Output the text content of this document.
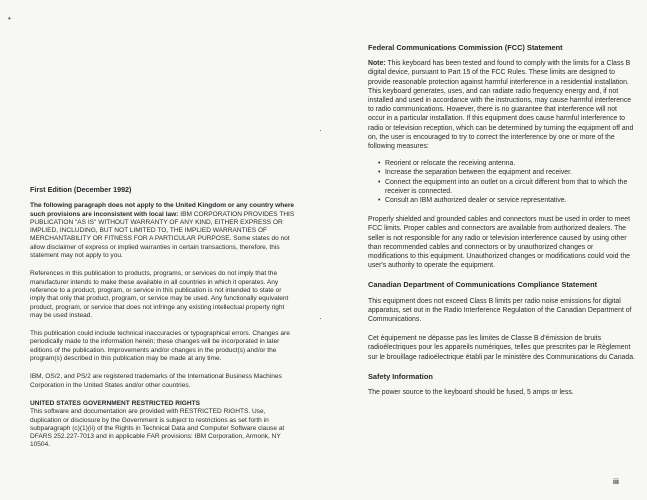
•
First Edition (December 1992)

The following paragraph does not apply to the United Kingdom or any country where such provisions are inconsistent with local law: IBM CORPORATION PROVIDES THIS PUBLICATION "AS IS" WITHOUT WARRANTY OF ANY KIND, EITHER EXPRESS OR IMPLIED, INCLUDING, BUT NOT LIMITED TO, THE IMPLIED WARRANTIES OF MERCHANTABILITY OR FITNESS FOR A PARTICULAR PURPOSE. Some states do not allow disclaimer of express or implied warranties in certain transactions, therefore, this statement may not apply to you.

References in this publication to products, programs, or services do not imply that the manufacturer intends to make these available in all countries in which it operates. Any reference to a product, program, or service in this publication is not intended to state or imply that only that product, program, or service may be used. Any functionally equivalent product, program, or service that does not infringe any existing intellectual property right may be used instead.

This publication could include technical inaccuracies or typographical errors. Changes are periodically made to the information herein; these changes will be incorporated in later editions of the publication. Improvements and/or changes in the product(s) and/or the program(s) described in this publication may be made at any time.

IBM, OS/2, and PS/2 are registered trademarks of the International Business Machines Corporation in the United States and/or other countries.

UNITED STATES GOVERNMENT RESTRICTED RIGHTS

This software and documentation are provided with RESTRICTED RIGHTS. Use, duplication or disclosure by the Government is subject to restrictions as set forth in subparagraph (c)(1)(ii) of the Rights in Technical Data and Computer Software clause at DFARS 252.227-7013 and in applicable FAR provisions: IBM Corporation, Armonk, NY 10504.

Federal Communications Commission (FCC) Statement

Note: This keyboard has been tested and found to comply with the limits for a Class B digital device, pursuant to Part 15 of the FCC Rules. These limits are designed to provide reasonable protection against harmful interference in a residential installation. This keyboard generates, uses, and can radiate radio frequency energy and, if not installed and used in accordance with the instructions, may cause harmful interference to radio communications. However, there is no guarantee that interference will not occur in a particular installation. If this equipment does cause harmful interference to radio or television reception, which can be determined by turning the equipment off and on, the user is encouraged to try to correct the interference by one or more of the following measures:

• Reorient or relocate the receiving antenna.
• Increase the separation between the equipment and receiver.
• Connect the equipment into an outlet on a circuit different from that to which the receiver is connected.
• Consult an IBM authorized dealer or service representative.

Properly shielded and grounded cables and connectors must be used in order to meet FCC limits. Proper cables and connectors are available from authorized dealers. The seller is not responsible for any radio or television interference caused by using other than recommended cables and connectors or by unauthorized changes or modifications to this equipment. Unauthorized changes or modifications could void the user's authority to operate the equipment.

Canadian Department of Communications Compliance Statement

This equipment does not exceed Class B limits per radio noise emissions for digital apparatus, set out in the Radio Interference Regulation of the Canadian Department of Communications.

Cet équipement ne dépasse pas les limites de Classe B d'émission de bruits radioélectriques pour les appareils numériques, telles que prescrites par le Règlement sur le brouillage radioélectrique établi par le ministère des Communications du Canada.

Safety Information

The power source to the keyboard should be fused, 5 amps or less.

iii
